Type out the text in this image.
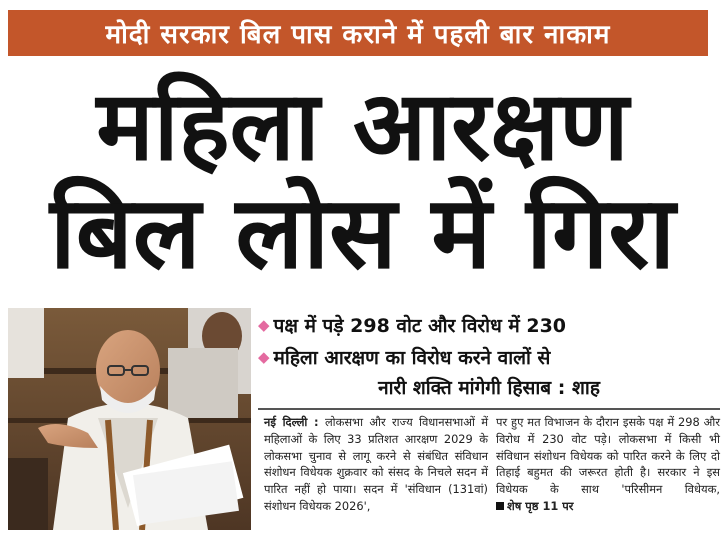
मोदी सरकार बिल पास कराने में पहली बार नाकाम
महिला आरक्षण
बिल लोस में गिरा
◆ पक्ष में पड़े 298 वोट और विरोध में 230
◆ महिला आरक्षण का विरोध करने वालों से
नारी शक्ति मांगेगी हिसाब : शाह
नई दिल्ली : लोकसभा और राज्य विधानसभाओं में महिलाओं के लिए 33 प्रतिशत आरक्षण 2029 के लोकसभा चुनाव से लागू करने से संबंधित संविधान संशोधन विधेयक शुक्रवार को संसद के निचले सदन में पारित नहीं हो पाया। सदन में 'संविधान (131वां) संशोधन विधेयक 2026',
पर हुए मत विभाजन के दौरान इसके पक्ष में 298 और विरोध में 230 वोट पड़े। लोकसभा में किसी भी संविधान संशोधन विधेयक को पारित करने के लिए दो तिहाई बहुमत की जरूरत होती है। सरकार ने इस विधेयक के साथ 'परिसीमन विधेयक, शेष पृष्ठ 11 पर
